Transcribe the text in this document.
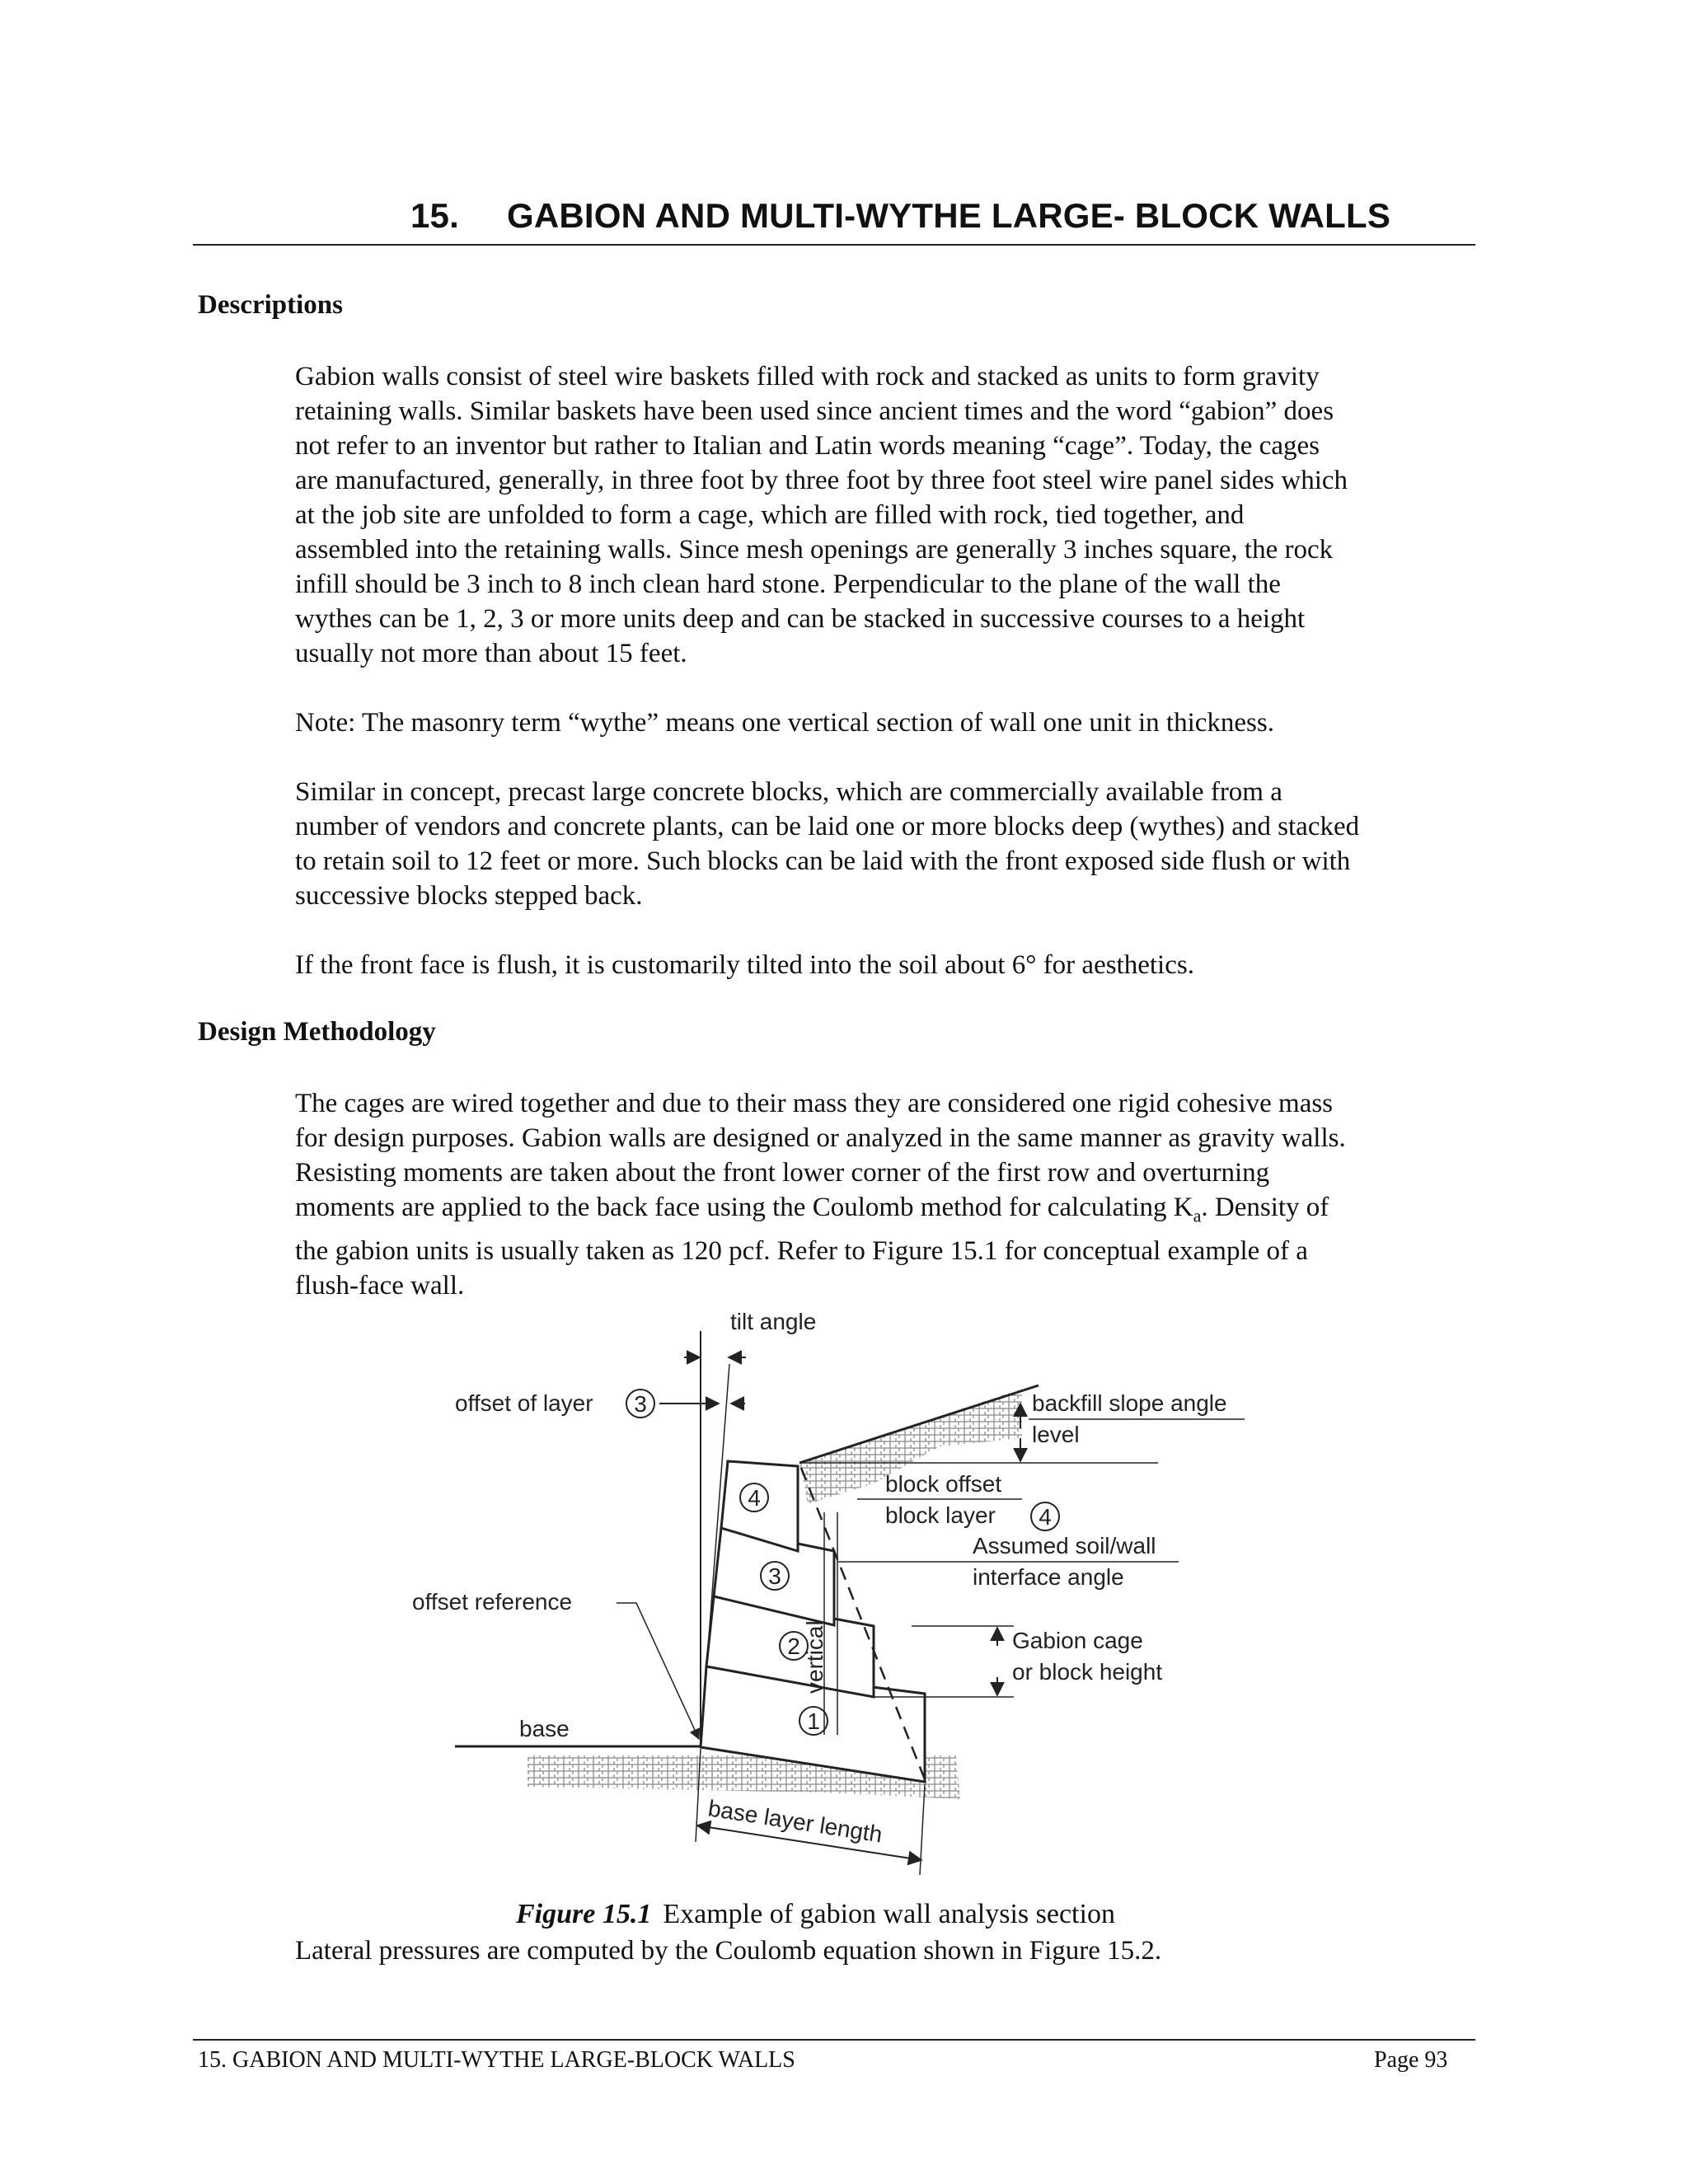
15. GABION AND MULTI-WYTHE LARGE- BLOCK WALLS
Descriptions

Gabion walls consist of steel wire baskets filled with rock and stacked as units to form gravity
retaining walls. Similar baskets have been used since ancient times and the word “gabion” does
not refer to an inventor but rather to Italian and Latin words meaning “cage”. Today, the cages
are manufactured, generally, in three foot by three foot by three foot steel wire panel sides which
at the job site are unfolded to form a cage, which are filled with rock, tied together, and
assembled into the retaining walls. Since mesh openings are generally 3 inches square, the rock
infill should be 3 inch to 8 inch clean hard stone. Perpendicular to the plane of the wall the
wythes can be 1, 2, 3 or more units deep and can be stacked in successive courses to a height
usually not more than about 15 feet.

Note: The masonry term “wythe” means one vertical section of wall one unit in thickness.

Similar in concept, precast large concrete blocks, which are commercially available from a
number of vendors and concrete plants, can be laid one or more blocks deep (wythes) and stacked
to retain soil to 12 feet or more. Such blocks can be laid with the front exposed side flush or with
successive blocks stepped back.

If the front face is flush, it is customarily tilted into the soil about 6° for aesthetics.

Design Methodology

The cages are wired together and due to their mass they are considered one rigid cohesive mass
for design purposes. Gabion walls are designed or analyzed in the same manner as gravity walls.
Resisting moments are taken about the front lower corner of the first row and overturning
moments are applied to the back face using the Coulomb method for calculating $K_a$. Density of
the gabion units is usually taken as 120 pcf. Refer to Figure 15.1 for conceptual example of a
flush-face wall.

1
2
3
4
tilt angle
offset of layer 3	backfill slope angle
level
block offset
block layer 4
Assumed soil/wall
interface angle
offset reference
vertical	Gabion cage
or block height
base
base layer length

Figure 15.1 Example of gabion wall analysis section

Lateral pressures are computed by the Coulomb equation shown in Figure 15.2.

15. GABION AND MULTI-WYTHE LARGE-BLOCK WALLS	Page 93
